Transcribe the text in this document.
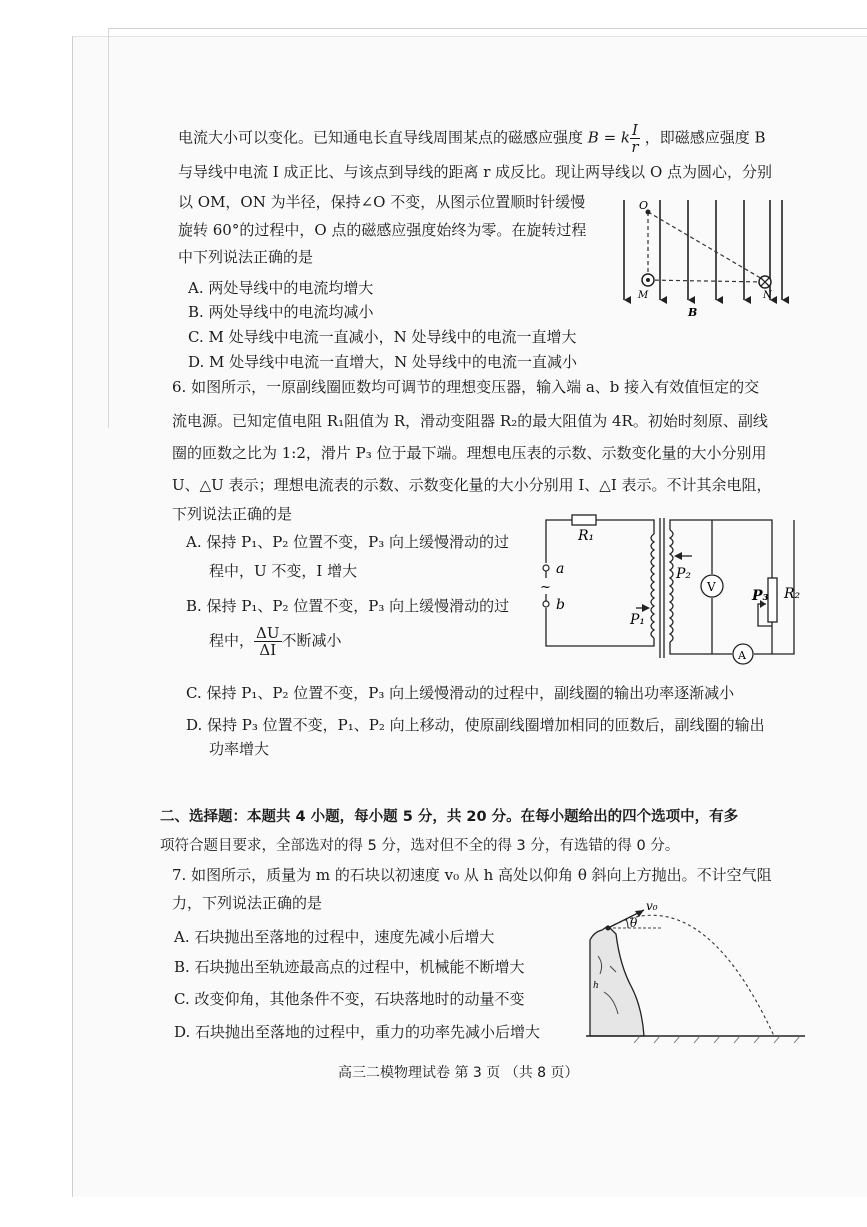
电流大小可以变化。已知通电长直导线周围某点的磁感应强度 B = k $\frac{I}{r}$ ，即磁感应强度 B
与导线中电流 I 成正比、与该点到导线的距离 r 成反比。现让两导线以 O 点为圆心，分别
以 OM，ON 为半径，保持∠O 不变，从图示位置顺时针缓慢
旋转 60°的过程中，O 点的磁感应强度始终为零。在旋转过程
中下列说法正确的是
A. 两处导线中的电流均增大
B. 两处导线中的电流均减小
C. M 处导线中电流一直减小，N 处导线中的电流一直增大
D. M 处导线中电流一直增大，N 处导线中的电流一直减小
O
M	N
B
6. 如图所示，一原副线圈匝数均可调节的理想变压器，输入端 a、b 接入有效值恒定的交
流电源。已知定值电阻 R₁阻值为 R，滑动变阻器 R₂的最大阻值为 4R。初始时刻原、副线
圈的匝数之比为 1:2，滑片 P₃ 位于最下端。理想电压表的示数、示数变化量的大小分别用
U、△U 表示；理想电流表的示数、示数变化量的大小分别用 I、△I 表示。不计其余电阻，
下列说法正确的是
A. 保持 P₁、P₂ 位置不变，P₃ 向上缓慢滑动的过
程中，U 不变，I 增大
B. 保持 P₁、P₂ 位置不变，P₃ 向上缓慢滑动的过
程中， $\frac{\Delta U}{\Delta I}$ 不断减小
C. 保持 P₁、P₂ 位置不变，P₃ 向上缓慢滑动的过程中，副线圈的输出功率逐渐减小
D. 保持 P₃ 位置不变，P₁、P₂ 向上移动，使原副线圈增加相同的匝数后，副线圈的输出
功率增大
V
A
R₁
a
~
b
P₁
P₂
P₃ R₂
二、选择题：本题共 4 小题，每小题 5 分，共 20 分。在每小题给出的四个选项中，有多
项符合题目要求，全部选对的得 5 分，选对但不全的得 3 分，有选错的得 0 分。
7. 如图所示，质量为 m 的石块以初速度 v₀ 从 h 高处以仰角 θ 斜向上方抛出。不计空气阻
力，下列说法正确的是
A. 石块抛出至落地的过程中，速度先减小后增大
B. 石块抛出至轨迹最高点的过程中，机械能不断增大
C. 改变仰角，其他条件不变，石块落地时的动量不变
D. 石块抛出至落地的过程中，重力的功率先减小后增大
θ
v₀
h
高三二模物理试卷 第 3 页 （共 8 页）
